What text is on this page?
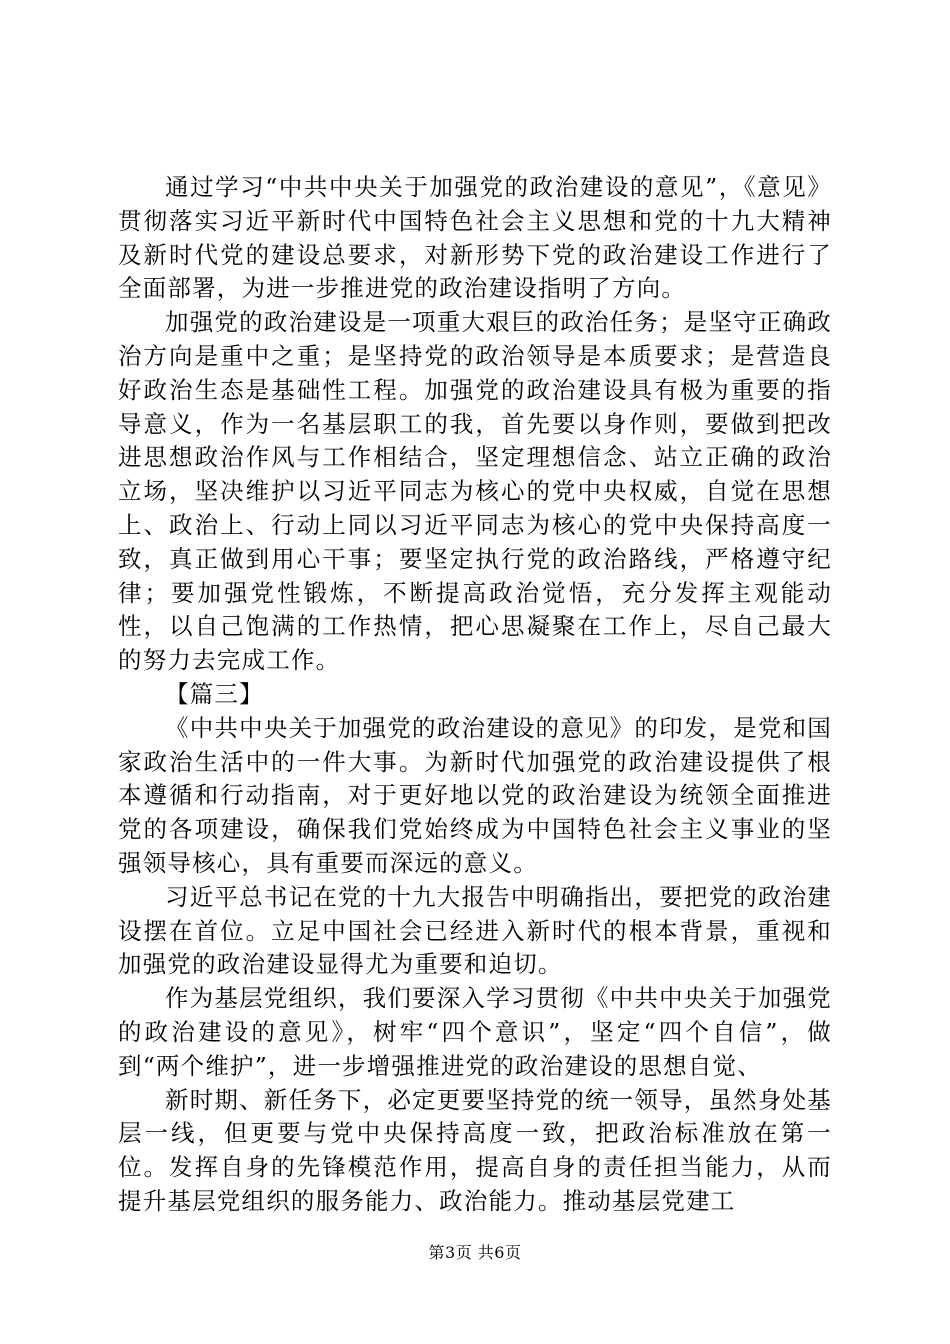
通过学习“中共中央关于加强党的政治建设的意见”，《意见》贯彻落实习近平新时代中国特色社会主义思想和党的十九大精神及新时代党的建设总要求，对新形势下党的政治建设工作进行了全面部署，为进一步推进党的政治建设指明了方向。

加强党的政治建设是一项重大艰巨的政治任务；是坚守正确政治方向是重中之重；是坚持党的政治领导是本质要求；是营造良好政治生态是基础性工程。加强党的政治建设具有极为重要的指导意义，作为一名基层职工的我，首先要以身作则，要做到把改进思想政治作风与工作相结合，坚定理想信念、站立正确的政治立场，坚决维护以习近平同志为核心的党中央权威，自觉在思想上、政治上、行动上同以习近平同志为核心的党中央保持高度一致，真正做到用心干事；要坚定执行党的政治路线，严格遵守纪律；要加强党性锻炼，不断提高政治觉悟，充分发挥主观能动性，以自己饱满的工作热情，把心思凝聚在工作上，尽自己最大的努力去完成工作。

【篇三】

《中共中央关于加强党的政治建设的意见》的印发，是党和国家政治生活中的一件大事。为新时代加强党的政治建设提供了根本遵循和行动指南，对于更好地以党的政治建设为统领全面推进党的各项建设，确保我们党始终成为中国特色社会主义事业的坚强领导核心，具有重要而深远的意义。

习近平总书记在党的十九大报告中明确指出，要把党的政治建设摆在首位。立足中国社会已经进入新时代的根本背景，重视和加强党的政治建设显得尤为重要和迫切。

作为基层党组织，我们要深入学习贯彻《中共中央关于加强党的政治建设的意见》，树牢“四个意识”，坚定“四个自信”，做到“两个维护”，进一步增强推进党的政治建设的思想自觉、

新时期、新任务下，必定更要坚持党的统一领导，虽然身处基层一线，但更要与党中央保持高度一致，把政治标准放在第一位。发挥自身的先锋模范作用，提高自身的责任担当能力，从而提升基层党组织的服务能力、政治能力。推动基层党建工

第3页 共6页
